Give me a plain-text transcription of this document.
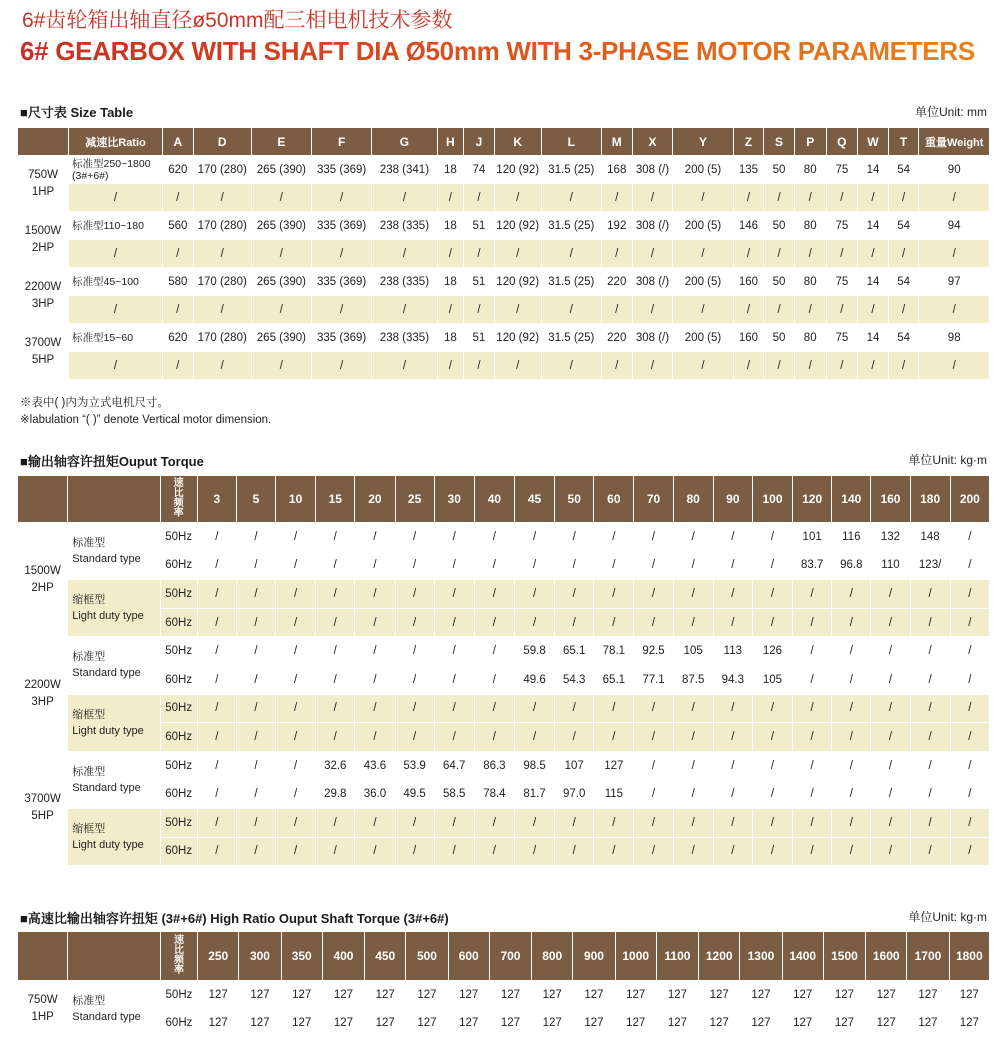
6#齿轮箱出轴直径ø50mm配三相电机技术参数
6# GEARBOX WITH SHAFT DIA Ø50mm WITH 3-PHASE MOTOR PARAMETERS
■尺寸表 Size Table	单位Unit: mm
	减速比Ratio	A	D	E	F	G	H	J	K	L	M	X	Y	Z	S	P	Q	W	T	重量Weight
750W
1HP	标准型250~1800 (3#+6#)	620	170 (280)	265 (390)	335 (369)	238 (341)	18	74	120 (92)	31.5 (25)	168	308 (/)	200 (5)	135	50	80	75	14	54	90
	/	/	/	/	/	/	/	/	/	/	/	/	/	/	/	/	/	/	/	/
1500W
2HP	标准型110~180	560	170 (280)	265 (390)	335 (369)	238 (335)	18	51	120 (92)	31.5 (25)	192	308 (/)	200 (5)	146	50	80	75	14	54	94
	/	/	/	/	/	/	/	/	/	/	/	/	/	/	/	/	/	/	/	/
2200W
3HP	标准型45~100	580	170 (280)	265 (390)	335 (369)	238 (335)	18	51	120 (92)	31.5 (25)	220	308 (/)	200 (5)	160	50	80	75	14	54	97
	/	/	/	/	/	/	/	/	/	/	/	/	/	/	/	/	/	/	/	/
3700W
5HP	标准型15~60	620	170 (280)	265 (390)	335 (369)	238 (335)	18	51	120 (92)	31.5 (25)	220	308 (/)	200 (5)	160	50	80	75	14	54	98
	/	/	/	/	/	/	/	/	/	/	/	/	/	/	/	/	/	/	/	/
※表中( )内为立式电机尺寸。
※labulation “( )” denote Vertical motor dimension.
■输出轴容许扭矩Ouput Torque	单位Unit: kg·m

		速
比
频
率	3	5	10	15	20	25	30	40	45	50	60	70	80	90	100	120	140	160	180	200
1500W
2HP	标准型
Standard type	50Hz	/	/	/	/	/	/	/	/	/	/	/	/	/	/	/	101	116	132	148	/
		60Hz	/	/	/	/	/	/	/	/	/	/	/	/	/	/	/	83.7	96.8	110	123/	/
	缩框型
Light duty type	50Hz	/	/	/	/	/	/	/	/	/	/	/	/	/	/	/	/	/	/	/	/
		60Hz	/	/	/	/	/	/	/	/	/	/	/	/	/	/	/	/	/	/	/	/
2200W
3HP	标准型
Standard type	50Hz	/	/	/	/	/	/	/	/	59.8	65.1	78.1	92.5	105	113	126	/	/	/	/	/
		60Hz	/	/	/	/	/	/	/	/	49.6	54.3	65.1	77.1	87.5	94.3	105	/	/	/	/	/
	缩框型
Light duty type	50Hz	/	/	/	/	/	/	/	/	/	/	/	/	/	/	/	/	/	/	/	/
		60Hz	/	/	/	/	/	/	/	/	/	/	/	/	/	/	/	/	/	/	/	/
3700W
5HP	标准型
Standard type	50Hz	/	/	/	32.6	43.6	53.9	64.7	86.3	98.5	107	127	/	/	/	/	/	/	/	/	/
		60Hz	/	/	/	29.8	36.0	49.5	58.5	78.4	81.7	97.0	115	/	/	/	/	/	/	/	/	/
	缩框型
Light duty type	50Hz	/	/	/	/	/	/	/	/	/	/	/	/	/	/	/	/	/	/	/	/
		60Hz	/	/	/	/	/	/	/	/	/	/	/	/	/	/	/	/	/	/	/	/
■高速比输出轴容许扭矩 (3#+6#) High Ratio Ouput Shaft Torque (3#+6#)	单位Unit: kg·m

		速
比
频
率	250	300	350	400	450	500	600	700	800	900	1000	1100	1200	1300	1400	1500	1600	1700	1800
750W
1HP	标准型
Standard type	50Hz	127	127	127	127	127	127	127	127	127	127	127	127	127	127	127	127	127	127	127
		60Hz	127	127	127	127	127	127	127	127	127	127	127	127	127	127	127	127	127	127	127
